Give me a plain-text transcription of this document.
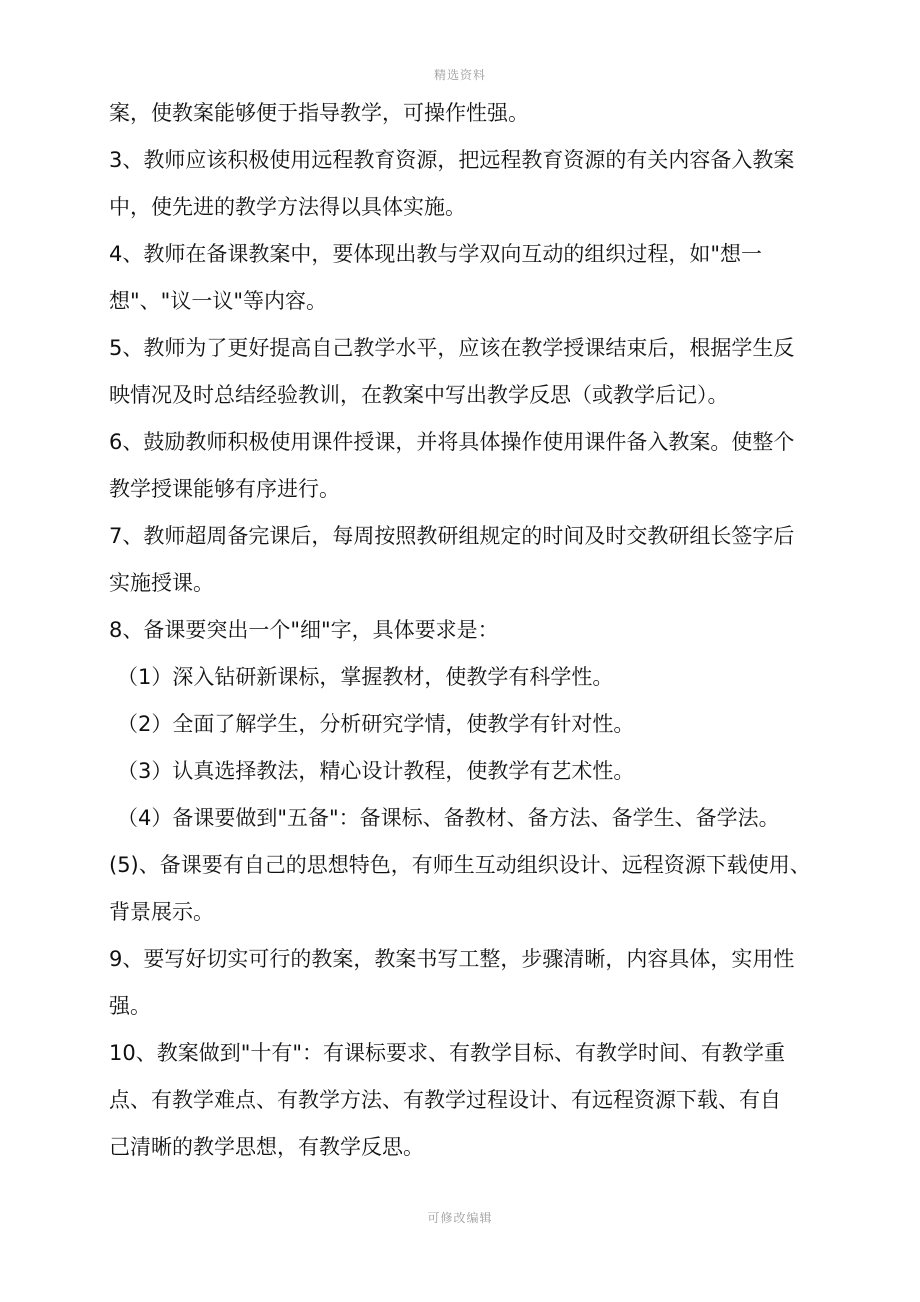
精选资料
案，使教案能够便于指导教学，可操作性强。
3、教师应该积极使用远程教育资源，把远程教育资源的有关内容备入教案
中，使先进的教学方法得以具体实施。
4、教师在备课教案中，要体现出教与学双向互动的组织过程，如"想一
想"、"议一议"等内容。
5、教师为了更好提高自己教学水平，应该在教学授课结束后，根据学生反
映情况及时总结经验教训，在教案中写出教学反思（或教学后记）。
6、鼓励教师积极使用课件授课，并将具体操作使用课件备入教案。使整个
教学授课能够有序进行。
7、教师超周备完课后，每周按照教研组规定的时间及时交教研组长签字后
实施授课。
8、备课要突出一个"细"字，具体要求是：
（1）深入钻研新课标，掌握教材，使教学有科学性。
（2）全面了解学生，分析研究学情，使教学有针对性。
（3）认真选择教法，精心设计教程，使教学有艺术性。
（4）备课要做到"五备"：备课标、备教材、备方法、备学生、备学法。
(5)、备课要有自己的思想特色，有师生互动组织设计、远程资源下载使用、
背景展示。
9、要写好切实可行的教案，教案书写工整，步骤清晰，内容具体，实用性
强。
10、教案做到"十有"：有课标要求、有教学目标、有教学时间、有教学重
点、有教学难点、有教学方法、有教学过程设计、有远程资源下载、有自
己清晰的教学思想，有教学反思。
可修改编辑
